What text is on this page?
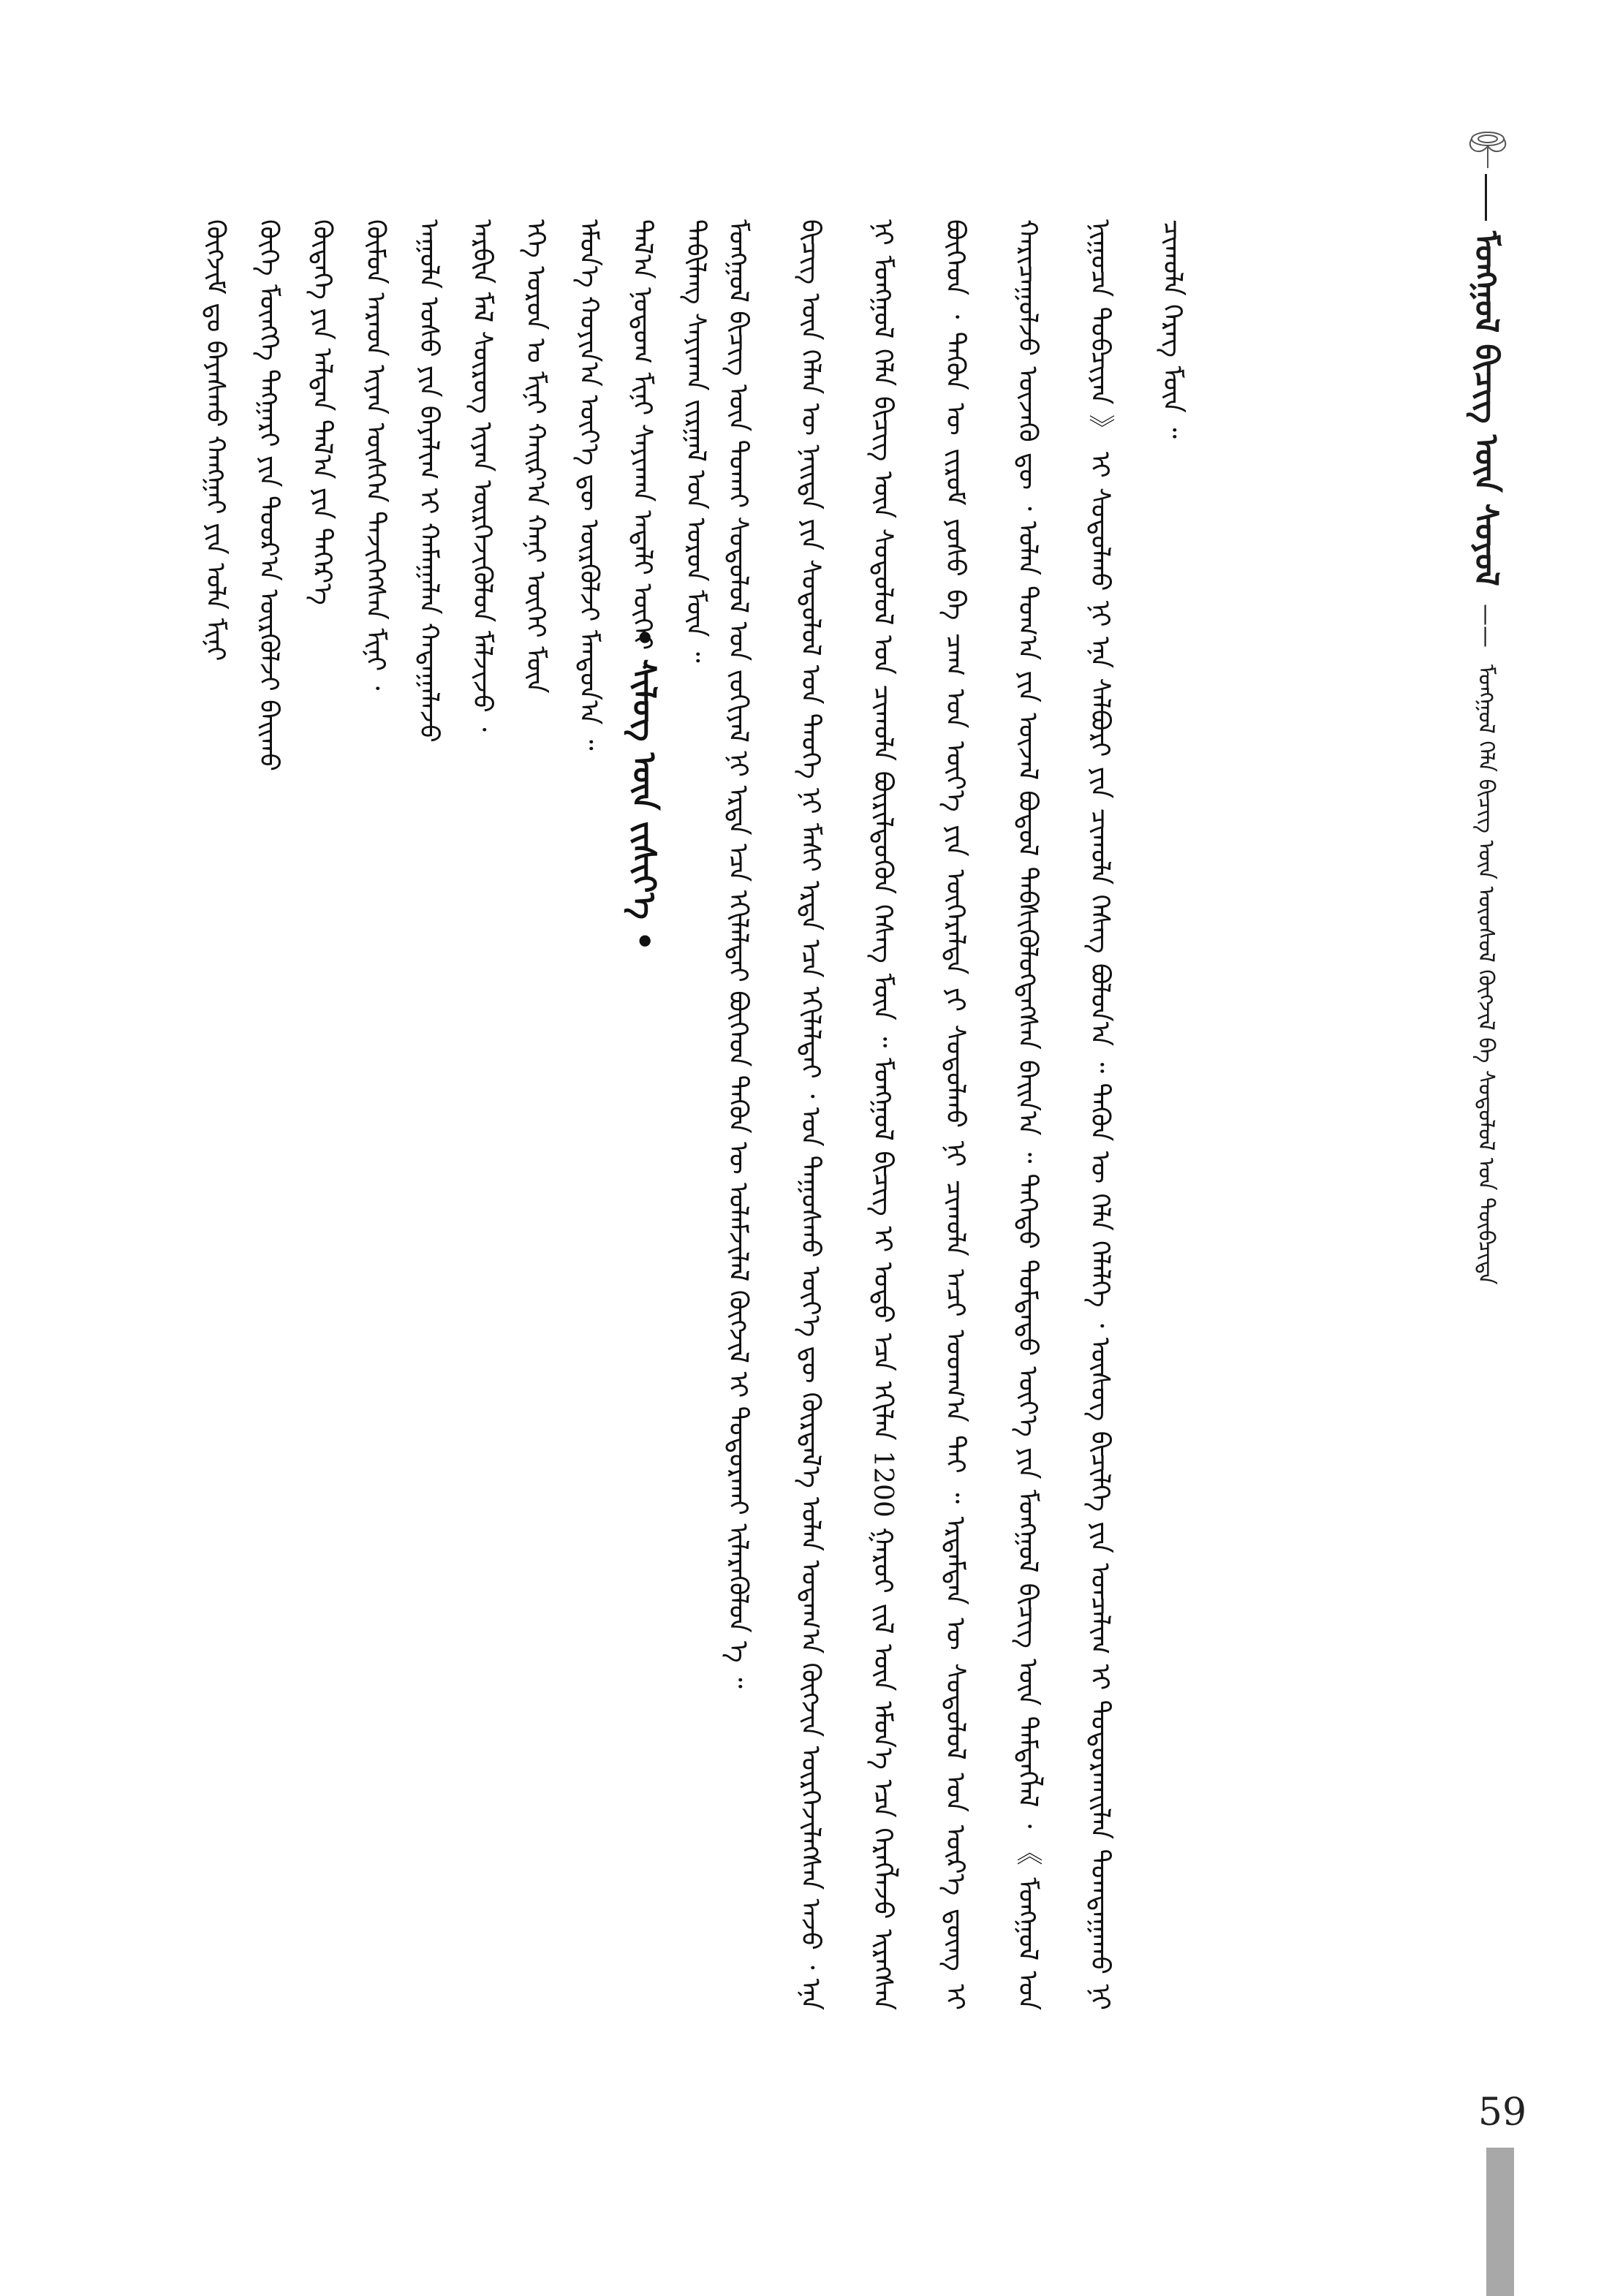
ᠮᠣᠩᠭᠣᠯ ᠪᠢᠴᠢᠭ ᠦᠨ ᠰᠣᠶᠣᠯ —— ᠮᠣᠩᠭᠣᠯ ᠬᠡᠯᠡ ᠪᠢᠴᠢᠭ ᠦᠨ ᠦᠦᠰᠦᠯ ᠬᠥᠭᠵᠢᠯ ᠪᠠ ᠰᠤᠳᠤᠯᠤᠯ ᠤᠨ ᠲᠥᠪᠴᠢᠳᠡ

ᠮᠣᠩᠭᠣᠯ ᠪᠢᠴᠢᠭ ᠦᠨ ᠲᠤᠬᠠᠢ ᠰᠤᠳᠤᠯᠤᠯ ᠤᠨ ᠵᠣᠬᠢᠶᠠᠯ ᠨᠢ ᠡᠷᠲᠡ ᠡᠴᠡ ᠡᠬᠢᠯᠡᠯᠲᠡᠢ ᠪᠥᠭᠡᠳ ᠲᠡᠭᠦᠨ ᠦ ᠤᠯᠠᠮᠵᠢᠯᠠᠯ ᠬᠥᠭᠵᠢᠯ ᠢ ᠲᠣᠳᠣᠷᠬᠠᠢ ᠢᠯᠡᠷᠡᠭᠦᠯᠦᠨ ᠡ ᠃	ᠪᠢᠴᠢᠭ ᠦᠨ ᠬᠡᠯᠡᠨ ᠦ ᠨᠡᠢᠲᠡ ᠶᠢᠨ ᠰᠤᠳᠤᠯᠤᠯ ᠤᠨ ᠲᠡᠦᠬᠡ ᠨᠢ ᠮᠠᠰᠢ ᠡᠷᠲᠡ ᠡᠴᠡ ᠡᠬᠢᠯᠡᠯᠲᠡᠢ ᠂ ᠣᠨ ᠳᠠᠭᠤᠰᠬᠤ ᠦᠶ᠎ᠡ ᠳᠦ ᠬᠦᠷᠲᠡᠯ᠎ᠡ ᠣᠯᠠᠨ ᠤᠳᠠᠭ᠎ᠠ ᠬᠥᠭᠵᠢᠨ ᠦᠷᠭᠡᠵᠢᠯᠡᠭᠰᠡᠨ ᠠᠵᠤ ᠂ ᠡᠨᠡ ᠨᠢ ᠮᠣᠩᠭᠣᠯ ᠬᠡᠯᠡ ᠪᠢᠴᠢᠭ ᠦᠨ ᠰᠤᠳᠤᠯᠤᠯ ᠤᠨ ᠴᠢᠬᠤᠯᠠ ᠪᠦᠷᠢᠯᠳᠦᠬᠦᠨ ᠬᠡᠰᠡᠭ ᠮᠥᠨ ᠃ ᠮᠣᠩᠭᠣᠯ ᠪᠢᠴᠢᠭ ᠢ ᠣᠳᠣ ᠡᠴᠡ ᠡᠬᠢᠯᠡᠨ 1200 ᠭᠠᠷᠤᠢ ᠵᠢᠯ ᠦᠨ ᠡᠮᠦᠨ᠎ᠡ ᠡᠴᠡ ᠬᠡᠷᠡᠭᠯᠡᠵᠦ ᠢᠷᠡᠭᠰᠡᠨ ᠪᠥᠭᠡᠳ ᠂ ᠲᠡᠭᠦᠨ ᠦ ᠵᠢᠷᠤᠮ ᠶᠣᠰᠤ ᠪᠠ ᠴᠠᠭ ᠤᠨ ᠦᠶ᠎ᠡ ᠶᠢᠨ ᠥᠭᠡᠷᠡᠯᠳᠡ ᠶᠢ ᠰᠤᠳᠤᠯᠬᠤ ᠨᠢ ᠴᠢᠬᠤᠯᠠ ᠠᠴᠢ ᠤᠳᠬ᠎ᠠ ᠲᠠᠢ ᠃ ᠡᠷᠳᠡᠮᠲᠡᠨ ᠦ ᠰᠤᠳᠤᠯᠤᠯ ᠤᠨ ᠦᠷ᠎ᠡ ᠳ᠋ᠦᠩ ᠢ ᠬᠠᠷᠢᠴᠠᠭᠤᠯᠵᠤ ᠦᠵᠡᠬᠦ ᠳᠦ ᠂ ᠣᠯᠠᠨ ᠲᠣᠭ᠎ᠠ ᠶᠢᠨ ᠦᠵᠡᠯ ᠪᠣᠳᠣᠯ ᠳᠡᠪᠰᠢᠭᠦᠯᠦᠭᠳᠡᠭᠰᠡᠨ ᠪᠠᠢᠨ᠎ᠠ ᠃ ᠳᠡᠭᠡᠳᠦ ᠳᠤᠮᠳᠠᠳᠤ ᠦᠶ᠎ᠡ ᠶᠢᠨ ᠮᠣᠩᠭᠣᠯ ᠪᠢᠴᠢᠭ ᠦᠨ ᠲᠡᠮᠳᠡᠭᠯᠡᠯ ᠂ 《 ᠮᠣᠩᠭᠣᠯ ᠤᠨ ᠨᠢᠭᠤᠴᠠ ᠲᠣᠪᠴᠢᠶᠠᠨ 》 ᠢ ᠰᠤᠳᠤᠯᠬᠤ ᠨᠢ ᠡᠨᠡ ᠰᠠᠯᠪᠤᠷᠢ ᠶᠢᠨ ᠴᠢᠬᠤᠯᠠ ᠬᠡᠰᠡᠭ ᠪᠣᠯᠤᠨ᠎ᠠ ᠃ ᠲᠡᠭᠦᠨ ᠦ ᠬᠡᠯᠡ ᠬᠡᠯᠡᠯᠭᠡ ᠂ ᠦᠰᠦᠭ ᠪᠢᠴᠢᠯᠭᠡ ᠶᠢᠨ ᠣᠨᠴᠠᠯᠢᠭ ᠢ ᠲᠣᠳᠣᠷᠬᠠᠢᠯᠠᠨ ᠲᠣᠭᠲᠠᠭᠠᠬᠤ ᠨᠢ ᠴᠢᠬᠤᠯᠠ ᠬᠡᠷᠡᠭ ᠮᠥᠨ ᠃

• ᠰᠢᠯᠦᠭ ᠦᠨ ᠵᠢᠰᠢᠶ᠎ᠡ •
ᠬᠦᠭᠵᠢᠮ ᠳᠤ ᠪᠠᠶᠠᠰᠬᠤ ᠬᠠᠩᠭᠠᠢ ᠶᠢᠨ ᠤᠯᠠ ᠮᠢᠨᠢ ᠬᠥᠬᠡ ᠮᠥᠩᠬᠡ ᠲᠩᠭᠠᠷᠢ ᠶᠢᠨ ᠳᠣᠣᠷ᠎ᠠ ᠦᠷᠭᠦᠯᠵᠢ ᠪᠠᠢᠬᠤ ᠬᠥᠳᠡᠭᠡ ᠶᠢᠨ ᠠᠯᠲᠠᠨ ᠲᠠᠯ᠎ᠠ ᠶᠢᠨ ᠳᠡᠭᠡᠷ᠎ᠡ ᠬᠦᠮᠦᠨ ᠠᠷᠠᠳ ᠢᠶᠠᠨ ᠥᠰᠬᠡᠨ ᠲᠡᠵᠢᠭᠡᠭᠰᠡᠨ ᠮᠢᠨᠢ ᠂ ᠠᠭᠤᠯᠠ ᠤᠰᠤ ᠶᠢᠨ ᠪᠠᠶᠠᠯᠢᠭ ᠢ ᠬᠠᠮᠠᠭᠠᠯᠠᠨ ᠬᠠᠳᠠᠭᠠᠯᠠᠵᠤ ᠠᠷᠪᠢᠨ ᠮᠠᠯ ᠰᠦᠷᠦᠭ ᠢᠶᠡᠨ ᠥᠷᠭᠡᠵᠢᠭᠦᠯᠦᠨ ᠮᠠᠯᠵᠢᠵᠤ ᠂ ᠡᠬᠡ ᠣᠷᠣᠨ ᠤ ᠮᠢᠨᠢ ᠬᠠᠢᠷ᠎ᠠ ᠬᠠᠨᠢ ᠦᠭᠡᠢ ᠮᠥᠨ ᠡᠮᠦᠨ᠎ᠡ ᠬᠣᠶᠢᠨ᠎ᠠ ᠦᠶ᠎ᠡ ᠳᠦ ᠦᠷᠭᠦᠯᠵᠢ ᠮᠠᠨᠳᠤᠨ᠎ᠠ ᠃ ᠲᠠᠯ᠎ᠠ ᠨᠤᠲᠤᠭ ᠮᠢᠨᠢ ᠰᠠᠶᠢᠬᠠᠨ ᠠᠳᠠᠯᠢ ᠦᠭᠡᠢ ᠂ ᠲᠠᠪᠢᠯᠠᠩ ᠰᠠᠶᠢᠬᠠᠨ ᠵᠢᠷᠭᠠᠯ ᠤᠨ ᠣᠷᠣᠨ ᠮᠥᠨ ᠃
59
